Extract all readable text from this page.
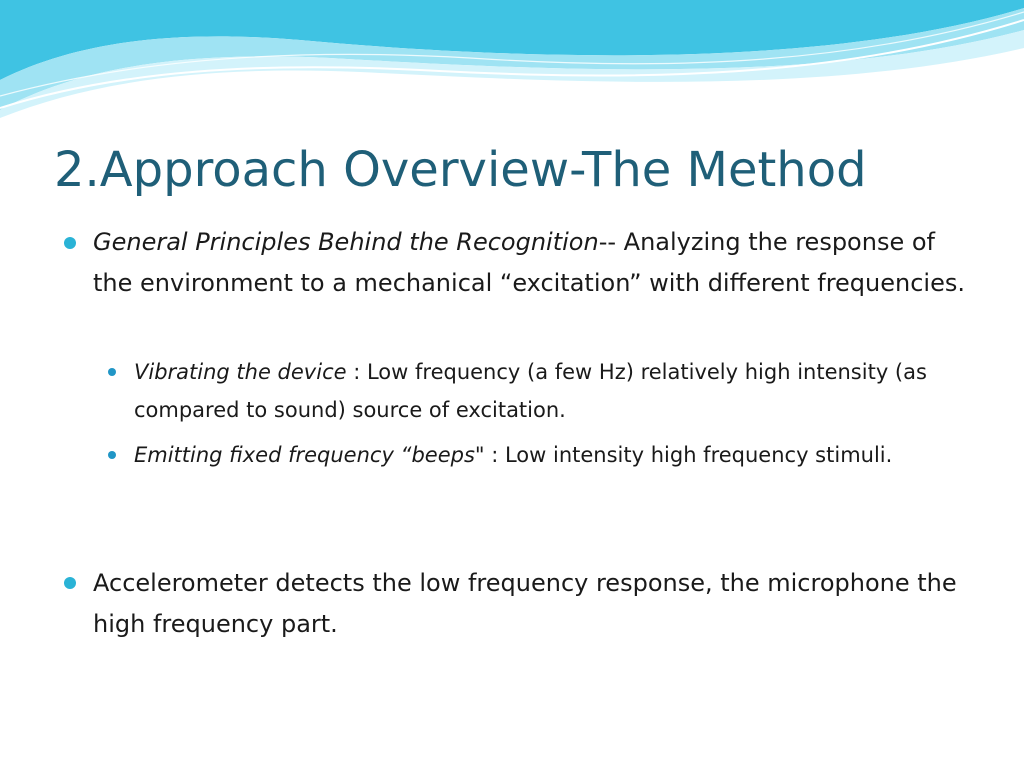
2.Approach Overview-The Method

General Principles Behind the Recognition-- Analyzing the response of the environment to a mechanical “excitation” with different frequencies.

Vibrating the device : Low frequency (a few Hz) relatively high intensity (as compared to sound) source of excitation.

Emitting fixed frequency “beeps" : Low intensity high frequency stimuli.

Accelerometer detects the low frequency response, the microphone the high frequency part.
